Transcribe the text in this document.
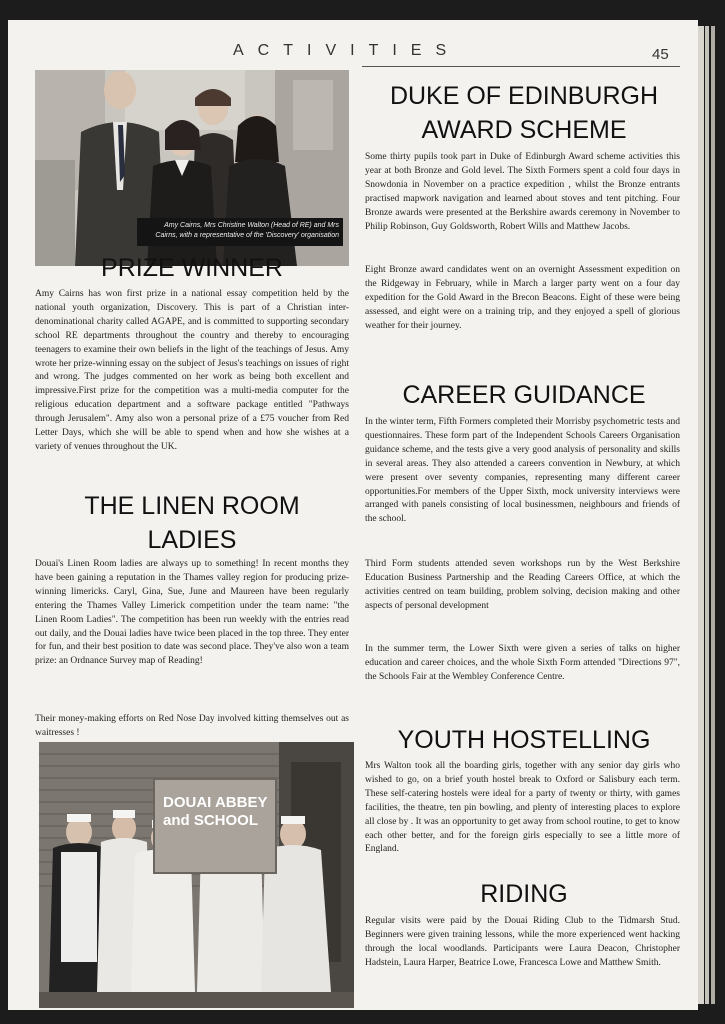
ACTIVITIES	45
Amy Cairns, Mrs Christine Walton (Head of RE) and Mrs Cairns, with a representative of the 'Discovery' organisation
PRIZE WINNER

Amy Cairns has won first prize in a national essay competition held by the national youth organization, Discovery. This is part of a Christian inter-denominational charity called AGAPE, and is committed to supporting secondary school RE departments throughout the country and thereby to encouraging teenagers to examine their own beliefs in the light of the teachings of Jesus. Amy wrote her prize-winning essay on the subject of Jesus's teachings on issues of right and wrong. The judges commented on her work as being both excellent and impressive.First prize for the competition was a multi-media computer for the religious education department and a software package entitled "Pathways through Jerusalem". Amy also won a personal prize of a £75 voucher from Red Letter Days, which she will be able to spend when and how she wishes at a variety of venues throughout the UK.

THE LINEN ROOM
LADIES

Douai's Linen Room ladies are always up to something! In recent months they have been gaining a reputation in the Thames valley region for producing prize-winning limericks. Caryl, Gina, Sue, June and Maureen have been regularly entering the Thames Valley Limerick competition under the team name: "the Linen Room Ladies". The competition has been run weekly with the entries read out daily, and the Douai ladies have twice been placed in the top three. They enter for fun, and their best position to date was second place. They've also won a team prize: an Ordnance Survey map of Reading!

Their money-making efforts on Red Nose Day involved kitting themselves out as waitresses !

DOUAI ABBEY
and SCHOOL
DUKE OF EDINBURGH
AWARD SCHEME

Some thirty pupils took part in Duke of Edinburgh Award scheme activities this year at both Bronze and Gold level. The Sixth Formers spent a cold four days in Snowdonia in November on a practice expedition , whilst the Bronze entrants practised mapwork navigation and learned about stoves and tent pitching. Four Bronze awards were presented at the Berkshire awards ceremony in November to Philip Robinson, Guy Goldsworth, Robert Wills and Matthew Jacobs.

Eight Bronze award candidates went on an overnight Assessment expedition on the Ridgeway in February, while in March a larger party went on a four day expedition for the Gold Award in the Brecon Beacons. Eight of these were being assessed, and eight were on a training trip, and they enjoyed a spell of glorious weather for their journey.

CAREER GUIDANCE

In the winter term, Fifth Formers completed their Morrisby psychometric tests and questionnaires. These form part of the Independent Schools Careers Organisation guidance scheme, and the tests give a very good analysis of personality and skills in several areas. They also attended a careers convention in Newbury, at which were present over seventy companies, representing many different career opportunities.For members of the Upper Sixth, mock university interviews were arranged with panels consisting of local businessmen, neighbours and friends of the school.

Third Form students attended seven workshops run by the West Berkshire Education Business Partnership and the Reading Careers Office, at which the activities centred on team building, problem solving, decision making and other aspects of personal development

In the summer term, the Lower Sixth were given a series of talks on higher education and career choices, and the whole Sixth Form attended "Directions 97", the Schools Fair at the Wembley Conference Centre.

YOUTH HOSTELLING

Mrs Walton took all the boarding girls, together with any senior day girls who wished to go, on a brief youth hostel break to Oxford or Salisbury each term. These self-catering hostels were ideal for a party of twenty or thirty, with games facilities, the theatre, ten pin bowling, and plenty of interesting places to explore all close by . It was an opportunity to get away from school routine, to get to know each other better, and for the foreign girls especially to see a little more of England.

RIDING

Regular visits were paid by the Douai Riding Club to the Tidmarsh Stud. Beginners were given training lessons, while the more experienced went hacking through the local woodlands. Participants were Laura Deacon, Christopher Hadstein, Laura Harper, Beatrice Lowe, Francesca Lowe and Matthew Smith.
